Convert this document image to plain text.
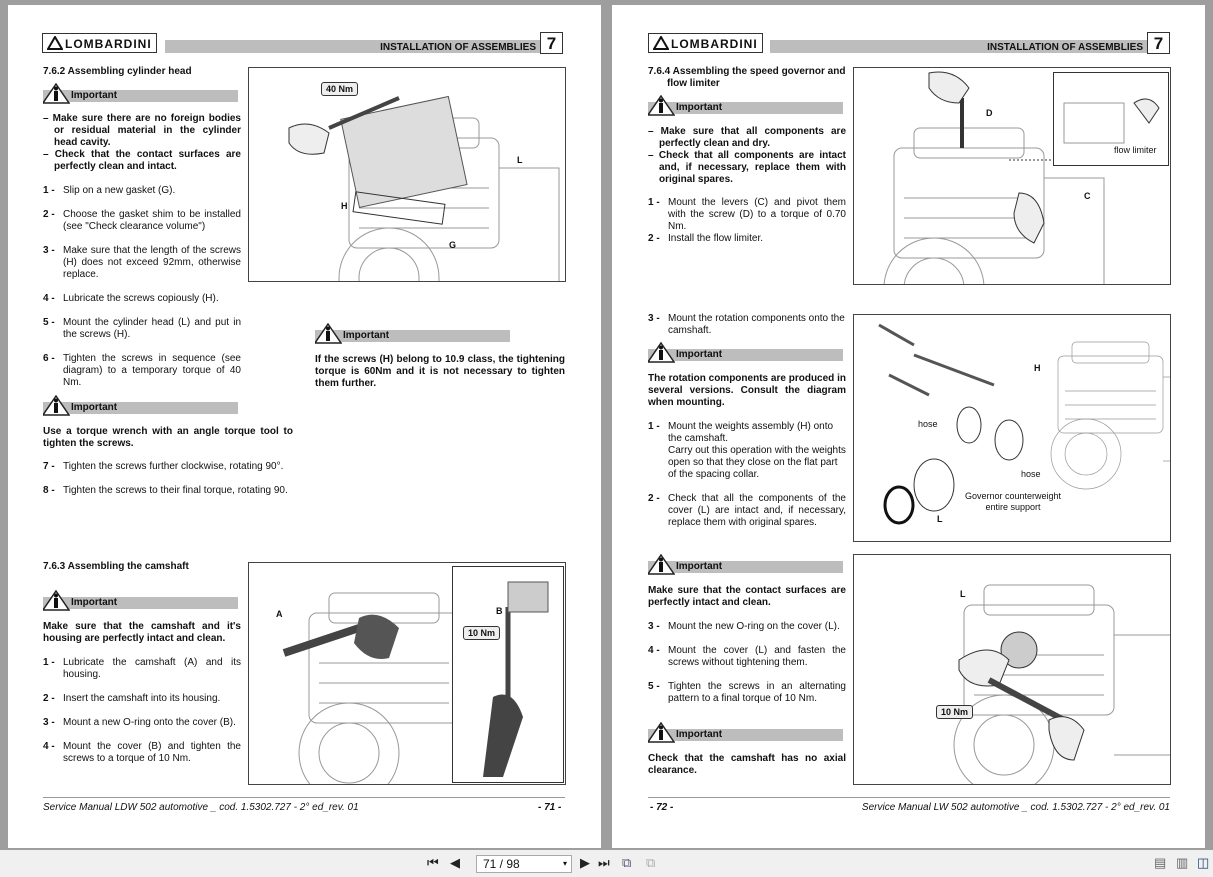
LOMBARDINI	INSTALLATION OF ASSEMBLIES 7
7.6.2 Assembling cylinder head
Important
– Make sure there are no foreign bodies or residual material in the cylinder head cavity.
– Check that the contact surfaces are perfectly clean and intact.
1 - Slip on a new gasket (G).
2 - Choose the gasket shim to be installed (see "Check clearance volume")
3 - Make sure that the length of the screws (H) does not exceed 92mm, otherwise replace.
4 - Lubricate the screws copiously (H).
5 - Mount the cylinder head (L) and put in the screws (H).
6 - Tighten the screws in sequence (see diagram) to a temporary torque of 40 Nm.
Important
Use a torque wrench with an angle torque tool to tighten the screws.
7 - Tighten the screws further clockwise, rotating 90°.
8 - Tighten the screws to their final torque, rotating 90.
Important
If the screws (H) belong to 10.9 class, the tightening torque is 60Nm and it is not necessary to tighten them further.
40 Nm
L
H
G
7.6.3 Assembling the camshaft
Important
Make sure that the camshaft and it's housing are perfectly intact and clean.
1 - Lubricate the camshaft (A) and its housing.
2 - Insert the camshaft into its housing.
3 - Mount a new O-ring onto the cover (B).
4 - Mount the cover (B) and tighten the screws to a torque of 10 Nm.
A	B
10 Nm
Service Manual LDW 502 automotive _ cod. 1.5302.727 - 2° ed_rev. 01	- 71 -
LOMBARDINI	INSTALLATION OF ASSEMBLIES 7
7.6.4 Assembling the speed governor and
flow limiter
Important
– Make sure that all components are perfectly clean and dry.
– Check that all components are intact and, if necessary, replace them with original spares.
1 - Mount the levers (C) and pivot them with the screw (D) to a torque of 0.70 Nm.
2 - Install the flow limiter.
flow limiter
D
C
3 - Mount the rotation components onto the camshaft.
Important
The rotation components are produced in several versions. Consult the diagram when mounting.
1 - Mount the weights assembly (H) onto the camshaft.
Carry out this operation with the weights open so that they close on the flat part of the spacing collar.
2 - Check that all the components of the cover (L) are intact and, if necessary, replace them with original spares.
hose
hose
H
L
Governor counterweight entire support
Important
Make sure that the contact surfaces are perfectly intact and clean.
3 - Mount the new O-ring on the cover (L).
4 - Mount the cover (L) and fasten the screws without tightening them.
5 - Tighten the screws in an alternating pattern to a final torque of 10 Nm.
Important
Check that the camshaft has no axial clearance.
L
10 Nm
- 72 -	Service Manual LW 502 automotive _ cod. 1.5302.727 - 2° ed_rev. 01
⏮ ◀	71 / 98	▾ ▶ ⏭ ⧉ ⧉	▤ ▥ ◫
